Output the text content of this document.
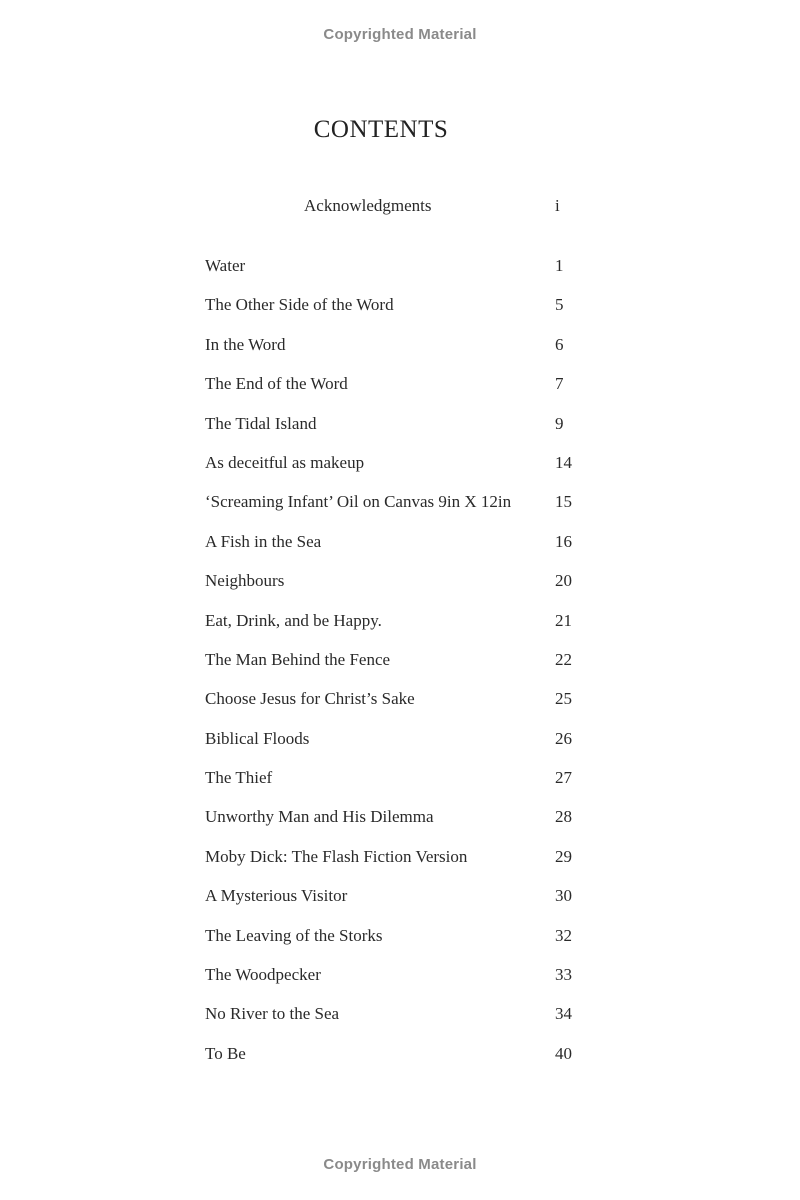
Copyrighted Material
CONTENTS
Acknowledgments	i
Water	1
The Other Side of the Word	5
In the Word	6
The End of the Word	7
The Tidal Island	9
As deceitful as makeup	14
‘Screaming Infant’ Oil on Canvas 9in X 12in	15
A Fish in the Sea	16
Neighbours	20
Eat, Drink, and be Happy.	21
The Man Behind the Fence	22
Choose Jesus for Christ’s Sake	25
Biblical Floods	26
The Thief	27
Unworthy Man and His Dilemma	28
Moby Dick: The Flash Fiction Version	29
A Mysterious Visitor	30
The Leaving of the Storks	32
The Woodpecker	33
No River to the Sea	34
To Be	40
Copyrighted Material
